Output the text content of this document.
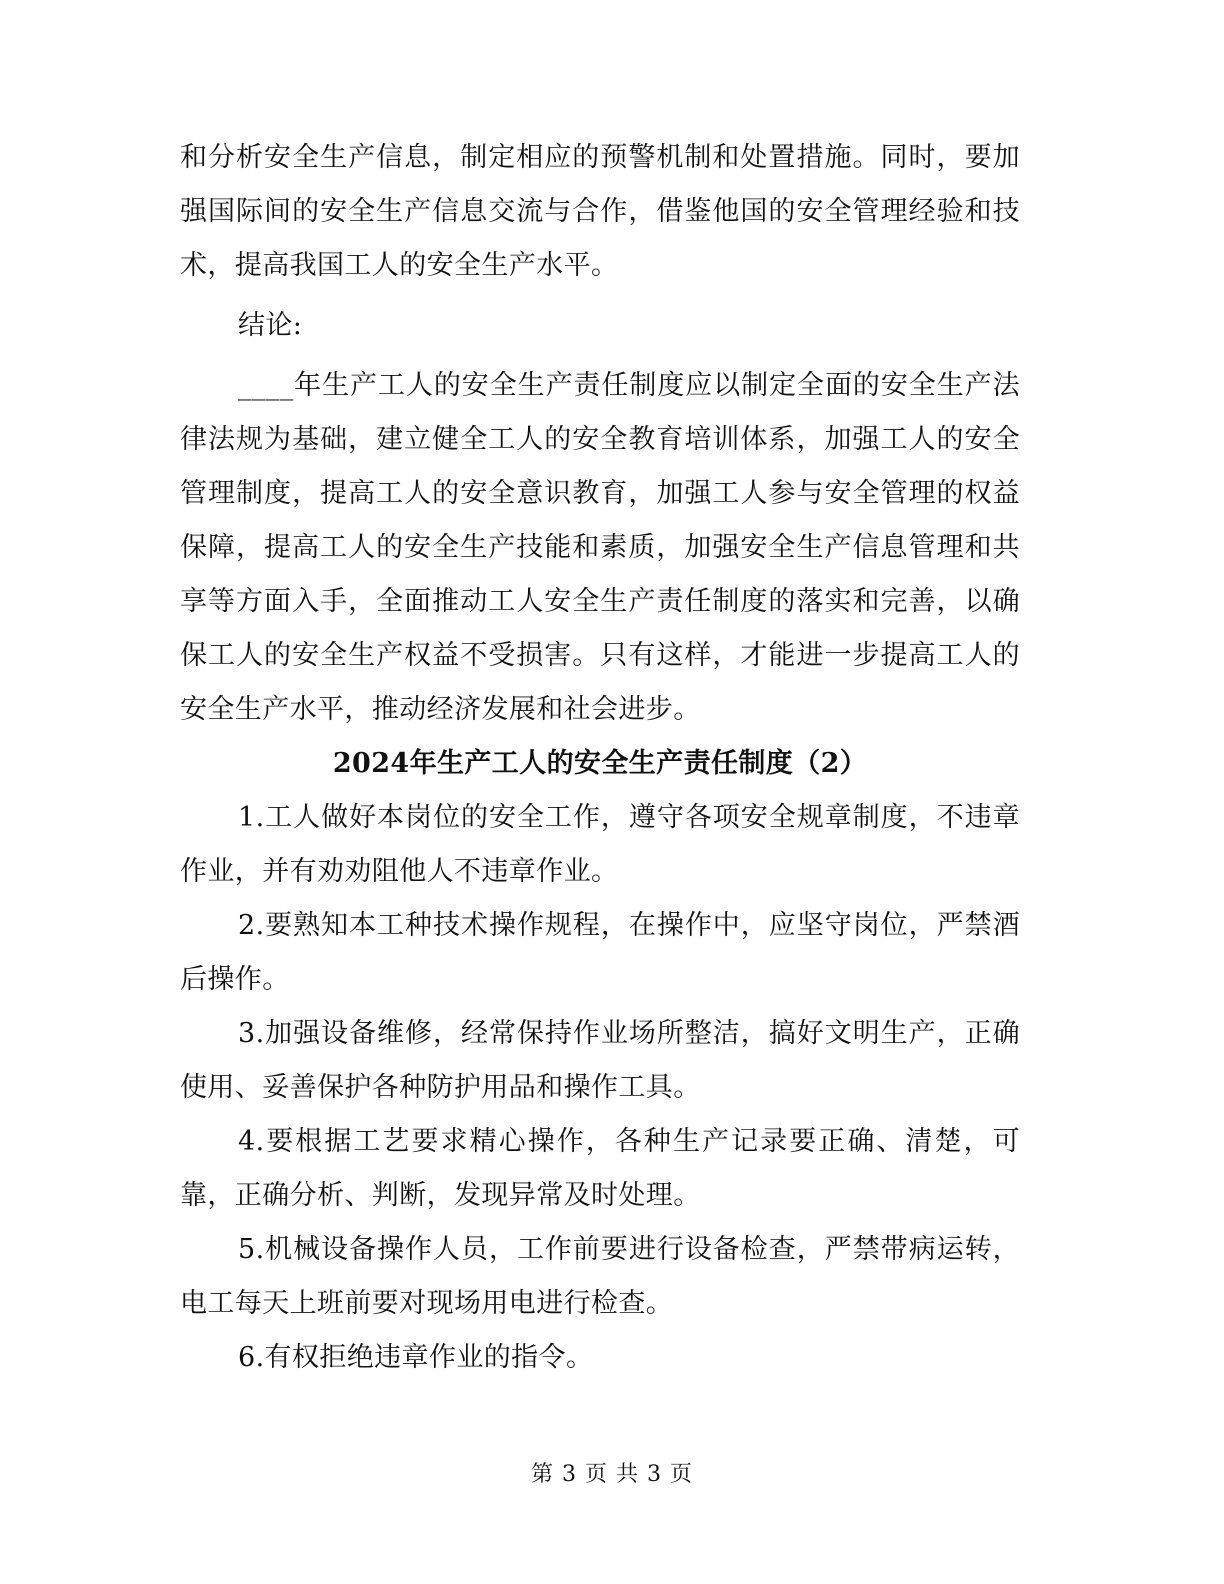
和分析安全生产信息，制定相应的预警机制和处置措施。同时，要加强国际间的安全生产信息交流与合作，借鉴他国的安全管理经验和技术，提高我国工人的安全生产水平。

结论:

____年生产工人的安全生产责任制度应以制定全面的安全生产法律法规为基础，建立健全工人的安全教育培训体系，加强工人的安全管理制度，提高工人的安全意识教育，加强工人参与安全管理的权益保障，提高工人的安全生产技能和素质，加强安全生产信息管理和共享等方面入手，全面推动工人安全生产责任制度的落实和完善，以确保工人的安全生产权益不受损害。只有这样，才能进一步提高工人的安全生产水平，推动经济发展和社会进步。

2024年生产工人的安全生产责任制度（2）

1.工人做好本岗位的安全工作，遵守各项安全规章制度，不违章作业，并有劝劝阻他人不违章作业。

2.要熟知本工种技术操作规程，在操作中，应坚守岗位，严禁酒后操作。

3.加强设备维修，经常保持作业场所整洁，搞好文明生产，正确使用、妥善保护各种防护用品和操作工具。

4.要根据工艺要求精心操作，各种生产记录要正确、清楚，可靠，正确分析、判断，发现异常及时处理。

5.机械设备操作人员，工作前要进行设备检查，严禁带病运转，电工每天上班前要对现场用电进行检查。

6.有权拒绝违章作业的指令。

第 3 页 共 3 页
